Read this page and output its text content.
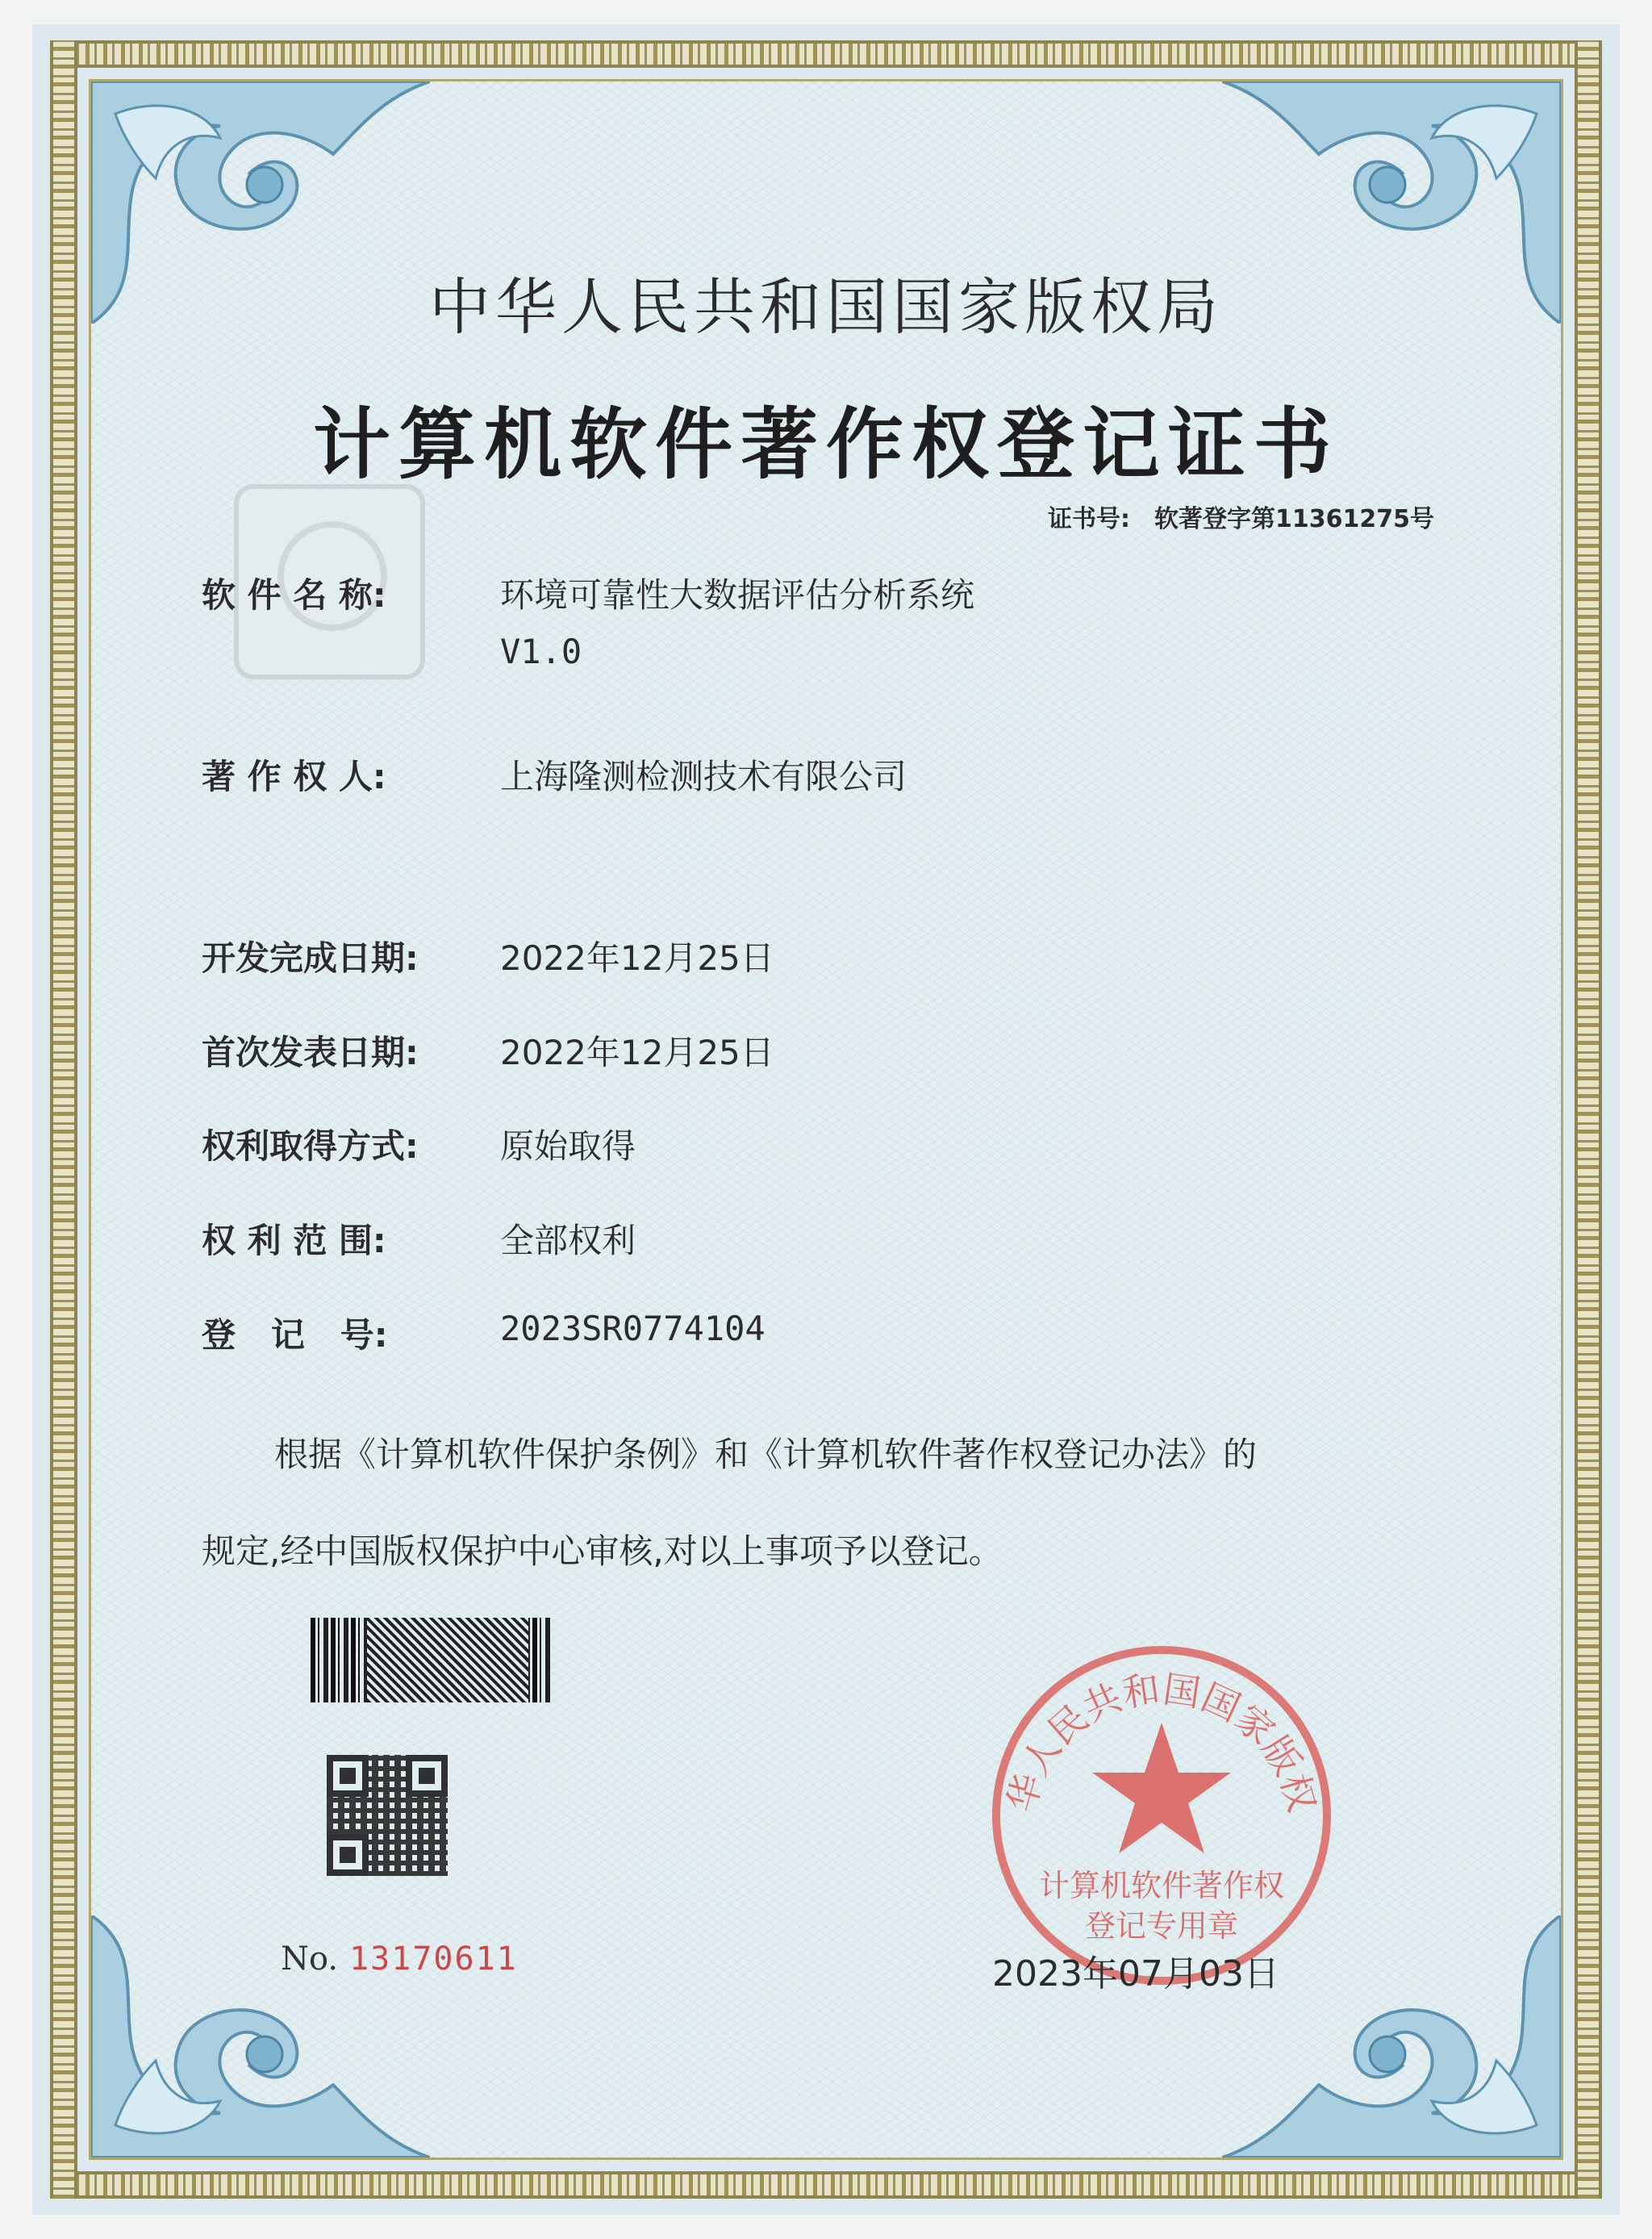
中华人民共和国国家版权局
计算机软件著作权登记证书
证书号: 软著登字第11361275号
软 件 名 称:	环境可靠性大数据评估分析系统
V1.0
著 作 权 人:	上海隆测检测技术有限公司
开发完成日期: 2022年12月25日
首次发表日期: 2022年12月25日
权利取得方式: 原始取得
权 利 范 围:	全部权利
登   记   号:	2023SR0774104
根据《计算机软件保护条例》和《计算机软件著作权登记办法》的
规定,经中国版权保护中心审核,对以上事项予以登记。
No. 13170611
华人民共和国国家版权
计算机软件著作权
登记专用章
2023年07月03日
